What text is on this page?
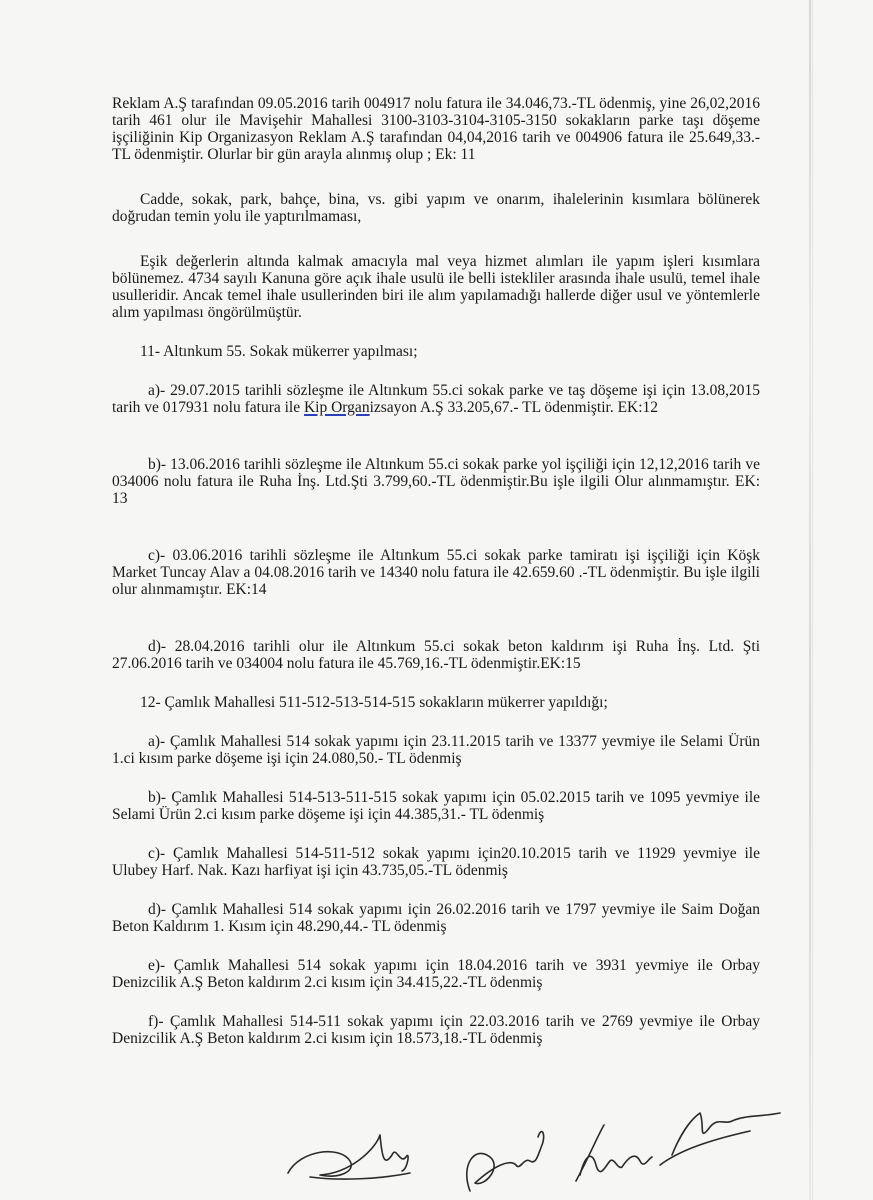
Reklam A.Ş tarafından 09.05.2016 tarih 004917 nolu fatura ile 34.046,73.-TL ödenmiş, yine 26,02,2016 tarih 461 olur ile Mavişehir Mahallesi 3100-3103-3104-3105-3150 sokakların parke taşı döşeme işçiliğinin Kip Organizasyon Reklam A.Ş tarafından 04,04,2016 tarih ve 004906 fatura ile 25.649,33.-TL ödenmiştir. Olurlar bir gün arayla alınmış olup ; Ek: 11

Cadde, sokak, park, bahçe, bina, vs. gibi yapım ve onarım, ihalelerinin kısımlara bölünerek doğrudan temin yolu ile yaptırılmaması,

Eşik değerlerin altında kalmak amacıyla mal veya hizmet alımları ile yapım işleri kısımlara bölünemez. 4734 sayılı Kanuna göre açık ihale usulü ile belli istekliler arasında ihale usulü, temel ihale usulleridir. Ancak temel ihale usullerinden biri ile alım yapılamadığı hallerde diğer usul ve yöntemlerle alım yapılması öngörülmüştür.

11- Altınkum 55. Sokak mükerrer yapılması;

a)- 29.07.2015 tarihli sözleşme ile Altınkum 55.ci sokak parke ve taş döşeme işi için 13.08,2015 tarih ve 017931 nolu fatura ile Kip Organizsayon A.Ş 33.205,67.- TL ödenmiştir. EK:12

b)- 13.06.2016 tarihli sözleşme ile Altınkum 55.ci sokak parke yol işçiliği için 12,12,2016 tarih ve 034006 nolu fatura ile Ruha İnş. Ltd.Şti 3.799,60.-TL ödenmiştir.Bu işle ilgili Olur alınmamıştır. EK: 13

c)- 03.06.2016 tarihli sözleşme ile Altınkum 55.ci sokak parke tamiratı işi işçiliği için Köşk Market Tuncay Alav a 04.08.2016 tarih ve 14340 nolu fatura ile 42.659.60 .-TL ödenmiştir. Bu işle ilgili olur alınmamıştır. EK:14

d)- 28.04.2016 tarihli olur ile Altınkum 55.ci sokak beton kaldırım işi Ruha İnş. Ltd. Şti 27.06.2016 tarih ve 034004 nolu fatura ile 45.769,16.-TL ödenmiştir.EK:15

12- Çamlık Mahallesi 511-512-513-514-515 sokakların mükerrer yapıldığı;

a)- Çamlık Mahallesi 514 sokak yapımı için 23.11.2015 tarih ve 13377 yevmiye ile Selami Ürün 1.ci kısım parke döşeme işi için 24.080,50.- TL ödenmiş

b)- Çamlık Mahallesi 514-513-511-515 sokak yapımı için 05.02.2015 tarih ve 1095 yevmiye ile Selami Ürün 2.ci kısım parke döşeme işi için 44.385,31.- TL ödenmiş

c)- Çamlık Mahallesi 514-511-512 sokak yapımı için20.10.2015 tarih ve 11929 yevmiye ile Ulubey Harf. Nak. Kazı harfiyat işi için 43.735,05.-TL ödenmiş

d)- Çamlık Mahallesi 514 sokak yapımı için 26.02.2016 tarih ve 1797 yevmiye ile Saim Doğan Beton Kaldırım 1. Kısım için 48.290,44.- TL ödenmiş

e)- Çamlık Mahallesi 514 sokak yapımı için 18.04.2016 tarih ve 3931 yevmiye ile Orbay Denizcilik A.Ş Beton kaldırım 2.ci kısım için 34.415,22.-TL ödenmiş

f)- Çamlık Mahallesi 514-511 sokak yapımı için 22.03.2016 tarih ve 2769 yevmiye ile Orbay Denizcilik A.Ş Beton kaldırım 2.ci kısım için 18.573,18.-TL ödenmiş
